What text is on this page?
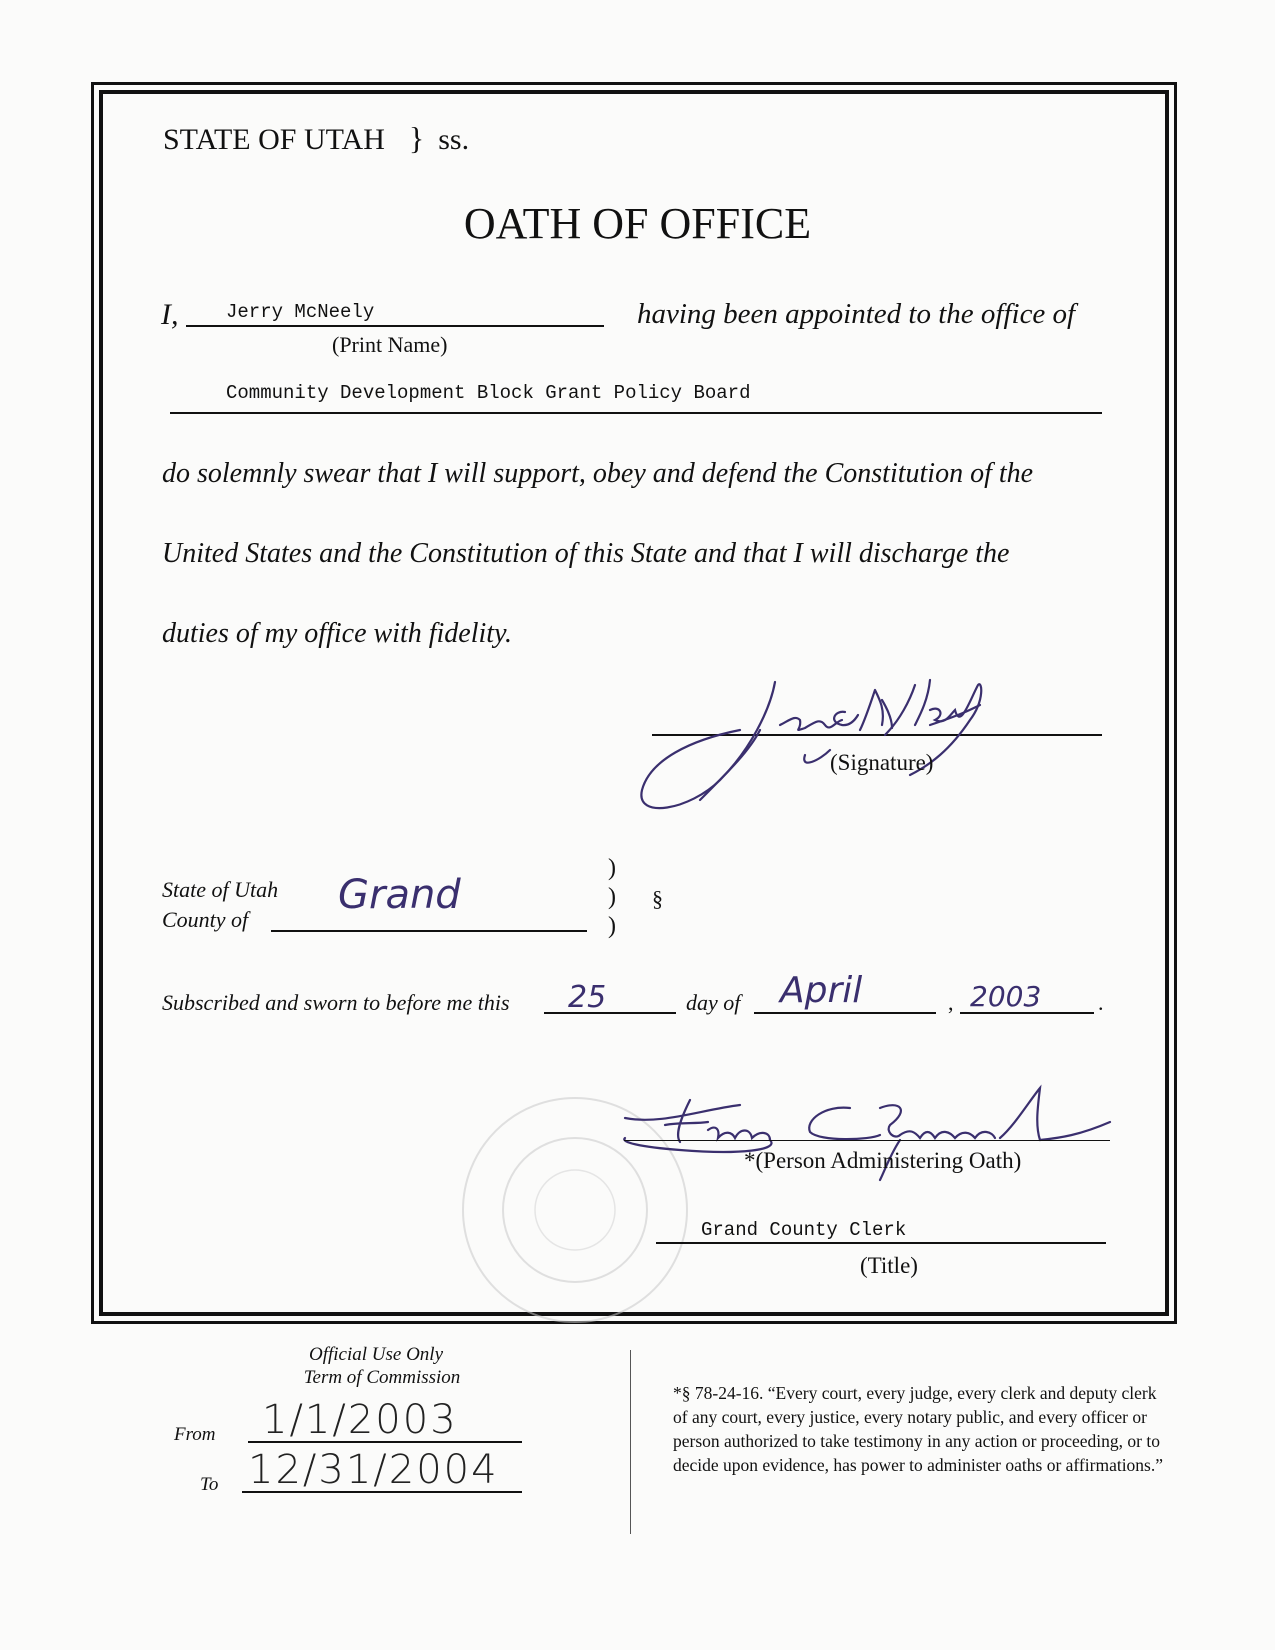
STATE OF UTAH } ss.
OATH OF OFFICE
I,	Jerry McNeely	having been appointed to the office of
(Print Name)
Community Development Block Grant Policy Board
do solemnly swear that I will support, obey and defend the Constitution of the
United States and the Constitution of this State and that I will discharge the
duties of my office with fidelity.
(Signature)
State of Utah
County of
Grand
)
)
)
§
Subscribed and sworn to before me this 25	day of April	, 2003	.
*(Person Administering Oath)
Grand County Clerk
(Title)
Official Use Only
Term of Commission
From 1/1/2003
To 12/31/2004
*§ 78-24-16. “Every court, every judge, every clerk and deputy clerk of any court, every justice, every notary public, and every officer or person authorized to take testimony in any action or proceeding, or to decide upon evidence, has power to administer oaths or affirmations.”
